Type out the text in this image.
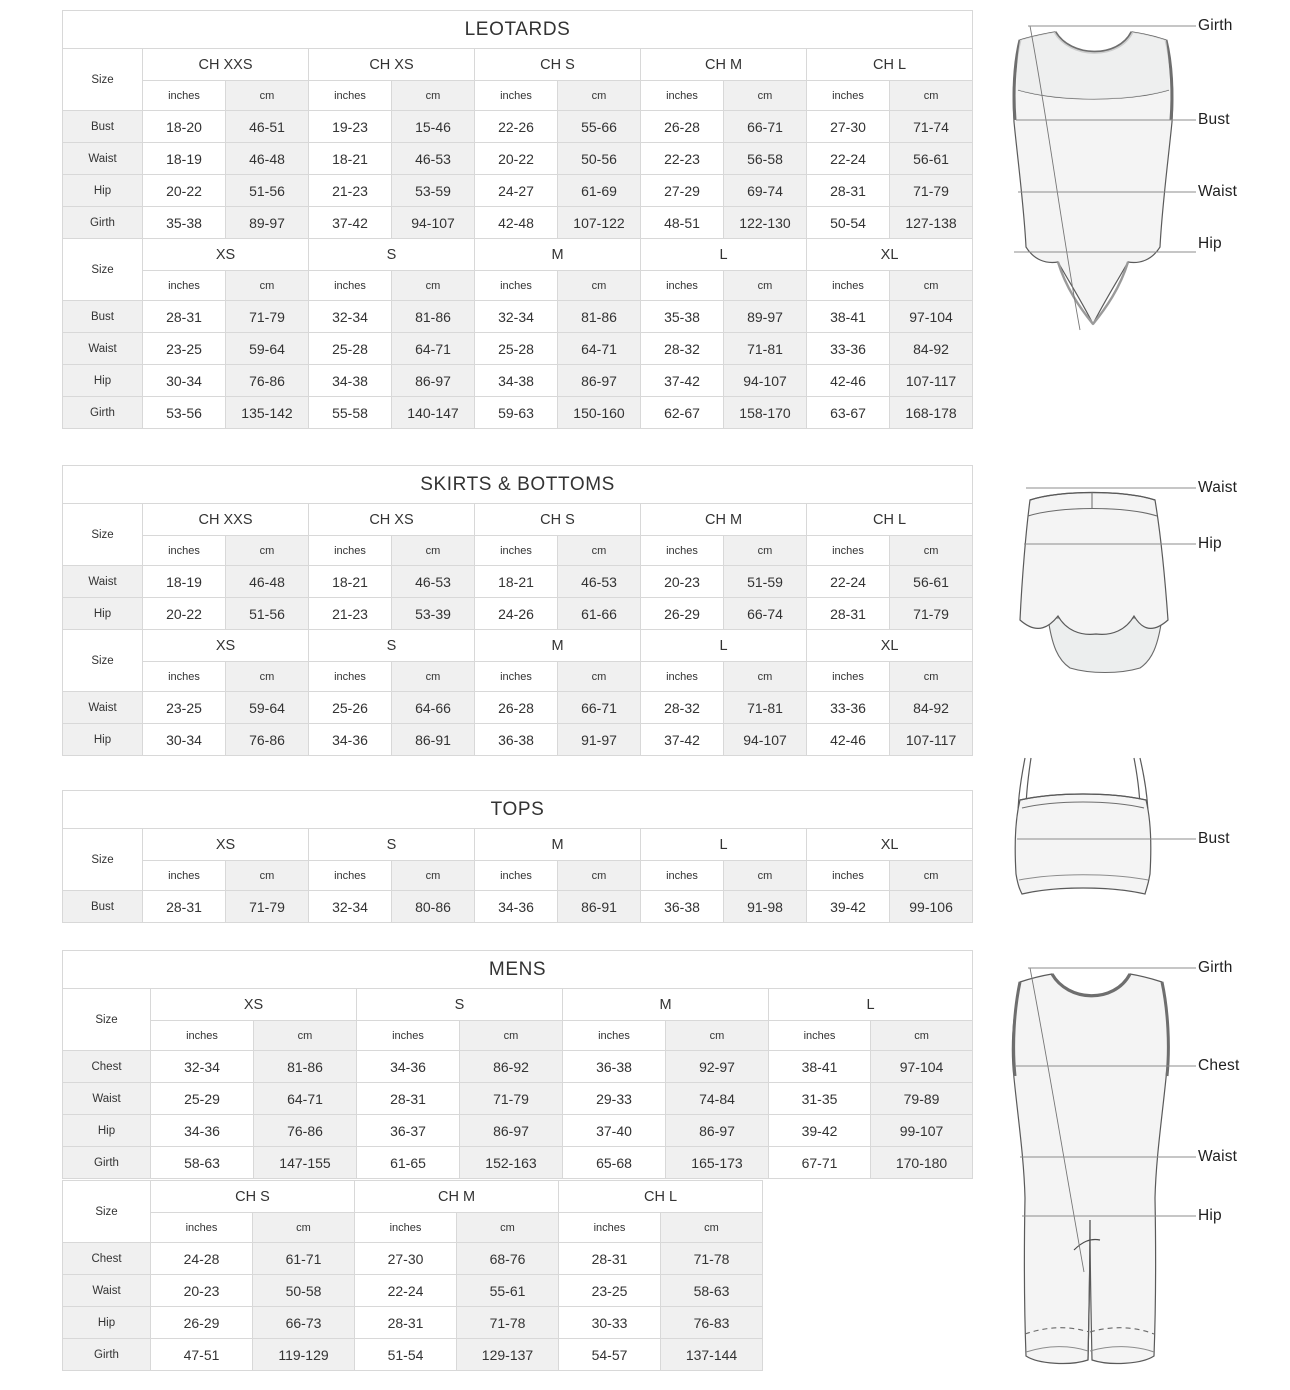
LEOTARDS										
Size	CH XXS		CH XS		CH S		CH M		CH L	
	inches	cm	inches	cm	inches	cm	inches	cm	inches	cm
Bust	18-20	46-51	19-23	15-46	22-26	55-66	26-28	66-71	27-30	71-74
Waist	18-19	46-48	18-21	46-53	20-22	50-56	22-23	56-58	22-24	56-61
Hip	20-22	51-56	21-23	53-59	24-27	61-69	27-29	69-74	28-31	71-79
Girth	35-38	89-97	37-42	94-107	42-48	107-122	48-51	122-130	50-54	127-138
Size	XS		S		M		L		XL	
	inches	cm	inches	cm	inches	cm	inches	cm	inches	cm
Bust	28-31	71-79	32-34	81-86	32-34	81-86	35-38	89-97	38-41	97-104
Waist	23-25	59-64	25-28	64-71	25-28	64-71	28-32	71-81	33-36	84-92
Hip	30-34	76-86	34-38	86-97	34-38	86-97	37-42	94-107	42-46	107-117
Girth	53-56	135-142	55-58	140-147	59-63	150-160	62-67	158-170	63-67	168-178
SKIRTS & BOTTOMS										
Size	CH XXS		CH XS		CH S		CH M		CH L	
	inches	cm	inches	cm	inches	cm	inches	cm	inches	cm
Waist	18-19	46-48	18-21	46-53	18-21	46-53	20-23	51-59	22-24	56-61
Hip	20-22	51-56	21-23	53-39	24-26	61-66	26-29	66-74	28-31	71-79
Size	XS		S		M		L		XL	
	inches	cm	inches	cm	inches	cm	inches	cm	inches	cm
Waist	23-25	59-64	25-26	64-66	26-28	66-71	28-32	71-81	33-36	84-92
Hip	30-34	76-86	34-36	86-91	36-38	91-97	37-42	94-107	42-46	107-117
TOPS										
Size	XS		S		M		L		XL	
	inches	cm	inches	cm	inches	cm	inches	cm	inches	cm
Bust	28-31	71-79	32-34	80-86	34-36	86-91	36-38	91-98	39-42	99-106
MENS								
Size	XS		S		M		L	
	inches	cm	inches	cm	inches	cm	inches	cm
Chest	32-34	81-86	34-36	86-92	36-38	92-97	38-41	97-104
Waist	25-29	64-71	28-31	71-79	29-33	74-84	31-35	79-89
Hip	34-36	76-86	36-37	86-97	37-40	86-97	39-42	99-107
Girth	58-63	147-155	61-65	152-163	65-68	165-173	67-71	170-180
Size	CH S		CH M		CH L	
	inches	cm	inches	cm	inches	cm
Chest	24-28	61-71	27-30	68-76	28-31	71-78
Waist	20-23	50-58	22-24	55-61	23-25	58-63
Hip	26-29	66-73	28-31	71-78	30-33	76-83
Girth	47-51	119-129	51-54	129-137	54-57	137-144
Girth
Bust
Waist
Hip
Waist
Hip
Bust
Girth
Chest
Waist
Hip
